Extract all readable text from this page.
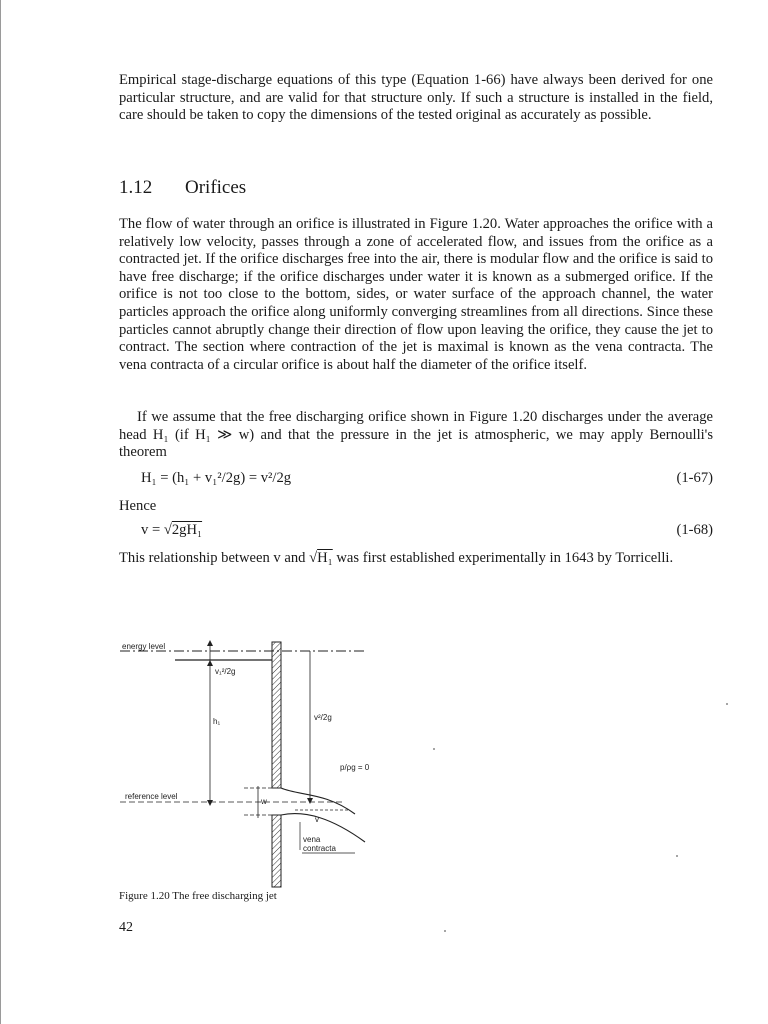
Empirical stage-discharge equations of this type (Equation 1-66) have always been derived for one particular structure, and are valid for that structure only. If such a structure is installed in the field, care should be taken to copy the dimensions of the tested original as accurately as possible.

1.12 Orifices

The flow of water through an orifice is illustrated in Figure 1.20. Water approaches the orifice with a relatively low velocity, passes through a zone of accelerated flow, and issues from the orifice as a contracted jet. If the orifice discharges free into the air, there is modular flow and the orifice is said to have free discharge; if the orifice discharges under water it is known as a submerged orifice. If the orifice is not too close to the bottom, sides, or water surface of the approach channel, the water particles approach the orifice along uniformly converging streamlines from all directions. Since these particles cannot abruptly change their direction of flow upon leaving the orifice, they cause the jet to contract. The section where contraction of the jet is maximal is known as the vena contracta. The vena contracta of a circular orifice is about half the diameter of the orifice itself.

If we assume that the free discharging orifice shown in Figure 1.20 discharges under the average head H₁ (if H₁ ≫ w) and that the pressure in the jet is atmospheric, we may apply Bernoulli's theorem

H₁ = (h₁ + v₁²/2g) = v²/2g	(1-67)
Hence
v = √2gH₁	(1-68)

This relationship between v and √H₁ was first established experimentally in 1643 by Torricelli.

energy level
v₁²/2g
h₁	v²/2g
p/ρg = 0
reference level
w
v
vena
contracta
Figure 1.20 The free discharging jet
42
